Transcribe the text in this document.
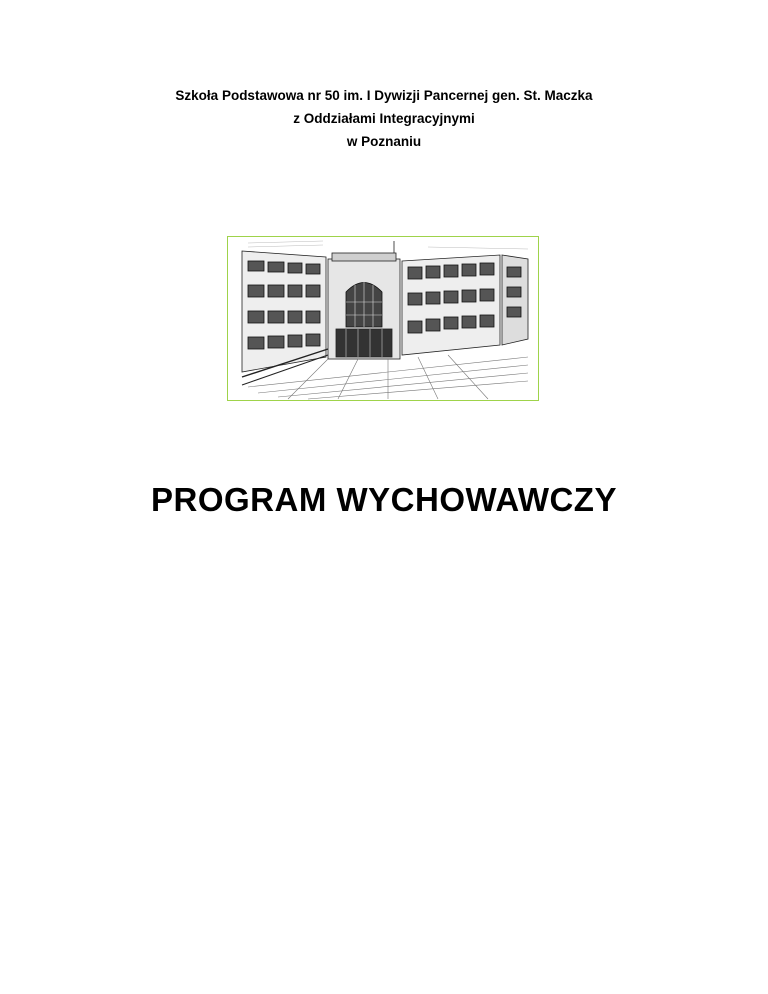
Szkoła Podstawowa nr 50 im. I Dywizji Pancernej gen. St. Maczka
z Oddziałami Integracyjnymi
w Poznaniu
PROGRAM WYCHOWAWCZY
